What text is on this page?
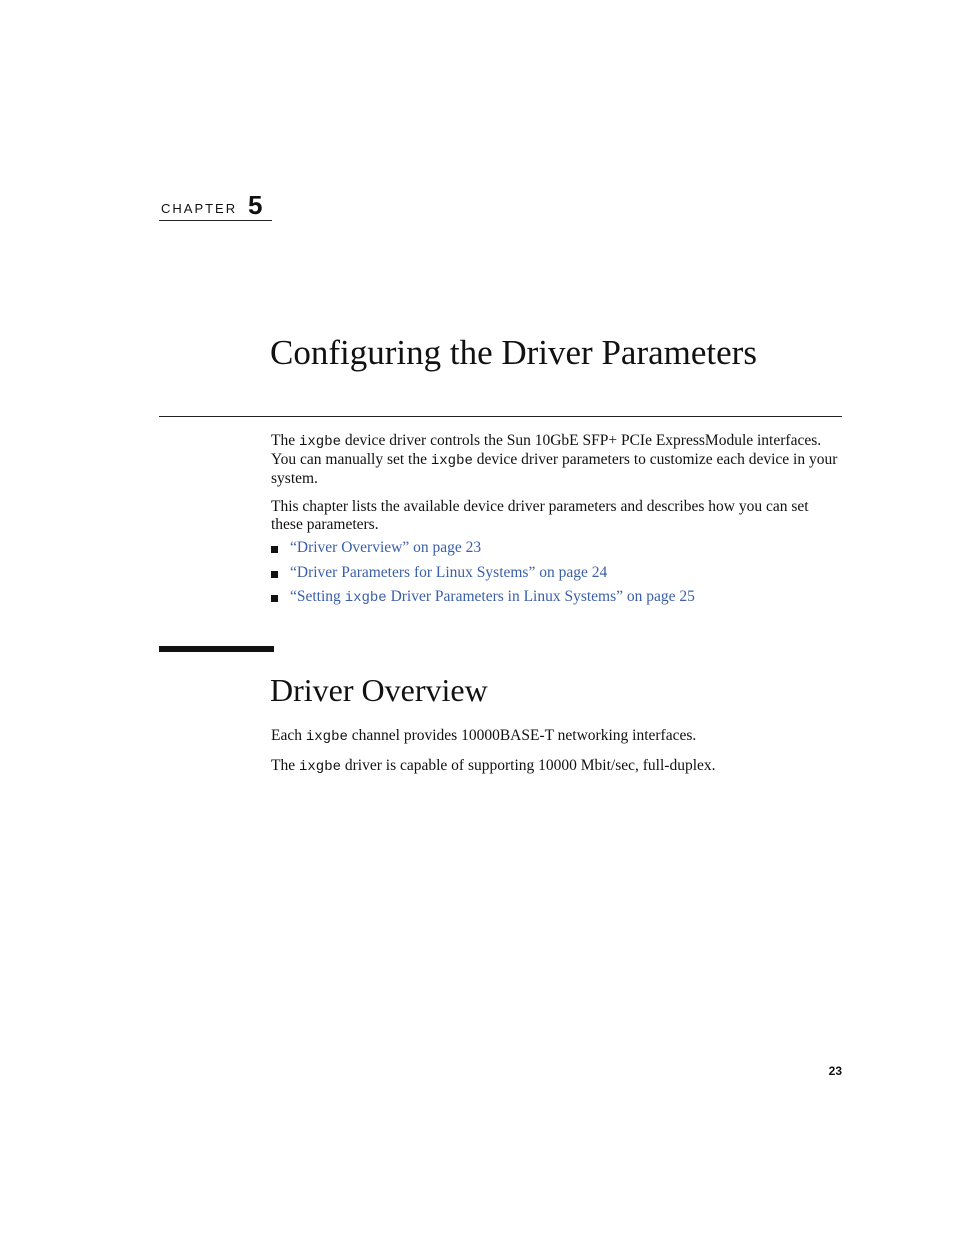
CHAPTER 5
Configuring the Driver Parameters

The ixgbe device driver controls the Sun 10GbE SFP+ PCIe ExpressModule interfaces. You can manually set the ixgbe device driver parameters to customize each device in your system.

This chapter lists the available device driver parameters and describes how you can set these parameters.

“Driver Overview” on page 23
“Driver Parameters for Linux Systems” on page 24
“Setting ixgbe Driver Parameters in Linux Systems” on page 25
Driver Overview

Each ixgbe channel provides 10000BASE-T networking interfaces.

The ixgbe driver is capable of supporting 10000 Mbit/sec, full-duplex.

23
